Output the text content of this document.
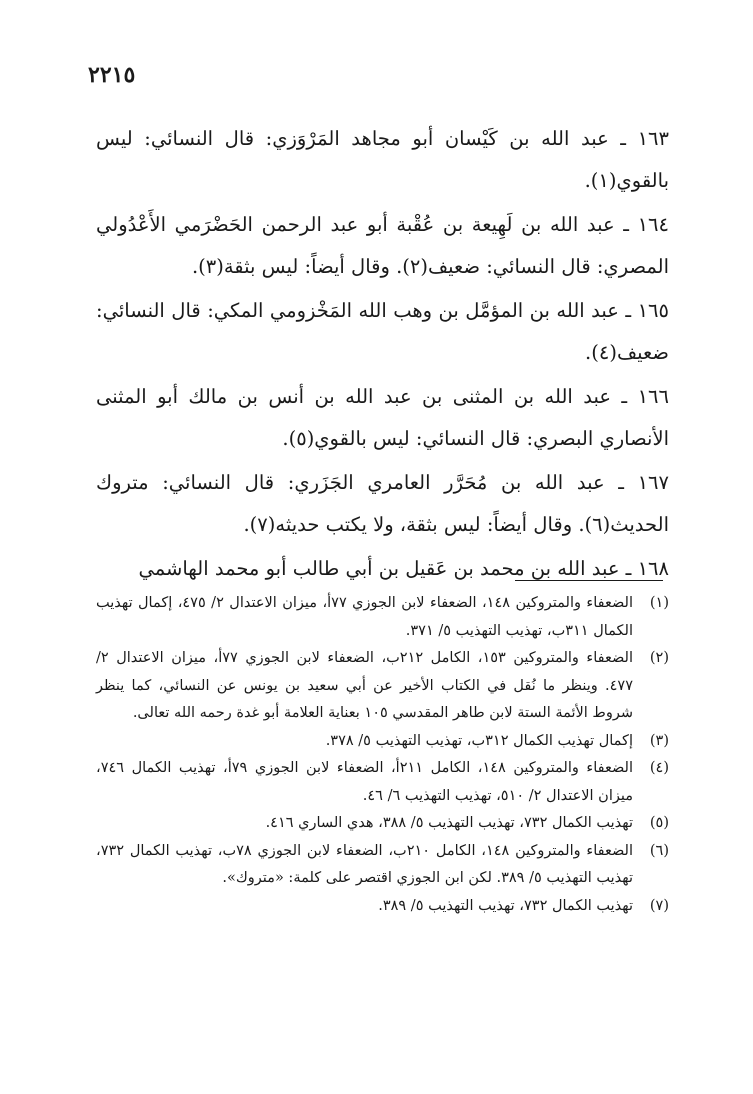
٢٢١٥

١٦٣ ـ عبد الله بن كَيْسان أبو مجاهد المَرْوَزي: قال النسائي: ليس بالقوي(١).

١٦٤ ـ عبد الله بن لَهِيعة بن عُقْبة أبو عبد الرحمن الحَضْرَمي الأَعْدُولي المصري: قال النسائي: ضعيف(٢). وقال أيضاً: ليس بثقة(٣).

١٦٥ ـ عبد الله بن المؤمَّل بن وهب الله المَخْزومي المكي: قال النسائي: ضعيف(٤).

١٦٦ ـ عبد الله بن المثنى بن عبد الله بن أنس بن مالك أبو المثنى الأنصاري البصري: قال النسائي: ليس بالقوي(٥).

١٦٧ ـ عبد الله بن مُحَرَّر العامري الجَزَري: قال النسائي: متروك الحديث(٦). وقال أيضاً: ليس بثقة، ولا يكتب حديثه(٧).

١٦٨ ـ عبد الله بن محمد بن عَقيل بن أبي طالب أبو محمد الهاشمي

(١)
الضعفاء والمتروكين ١٤٨، الضعفاء لابن الجوزي ٧٧أ، ميزان الاعتدال ٢/ ٤٧٥، إكمال تهذيب الكمال ٣١١ب، تهذيب التهذيب ٥/ ٣٧١.
(٢)
الضعفاء والمتروكين ١٥٣، الكامل ٢١٢ب، الضعفاء لابن الجوزي ٧٧أ، ميزان الاعتدال ٢/ ٤٧٧. وينظر ما نُقل في الكتاب الأخير عن أبي سعيد بن يونس عن النسائي، كما ينظر شروط الأئمة الستة لابن طاهر المقدسي ١٠٥ بعناية العلامة أبو غدة رحمه الله تعالى.
(٣)
إكمال تهذيب الكمال ٣١٢ب، تهذيب التهذيب ٥/ ٣٧٨.
(٤)
الضعفاء والمتروكين ١٤٨، الكامل ٢١١أ، الضعفاء لابن الجوزي ٧٩أ، تهذيب الكمال ٧٤٦، ميزان الاعتدال ٢/ ٥١٠، تهذيب التهذيب ٦/ ٤٦.
(٥)
تهذيب الكمال ٧٣٢، تهذيب التهذيب ٥/ ٣٨٨، هدي الساري ٤١٦.
(٦)
الضعفاء والمتروكين ١٤٨، الكامل ٢١٠ب، الضعفاء لابن الجوزي ٧٨ب، تهذيب الكمال ٧٣٢، تهذيب التهذيب ٥/ ٣٨٩. لكن ابن الجوزي اقتصر على كلمة: «متروك».
(٧)
تهذيب الكمال ٧٣٢، تهذيب التهذيب ٥/ ٣٨٩.
